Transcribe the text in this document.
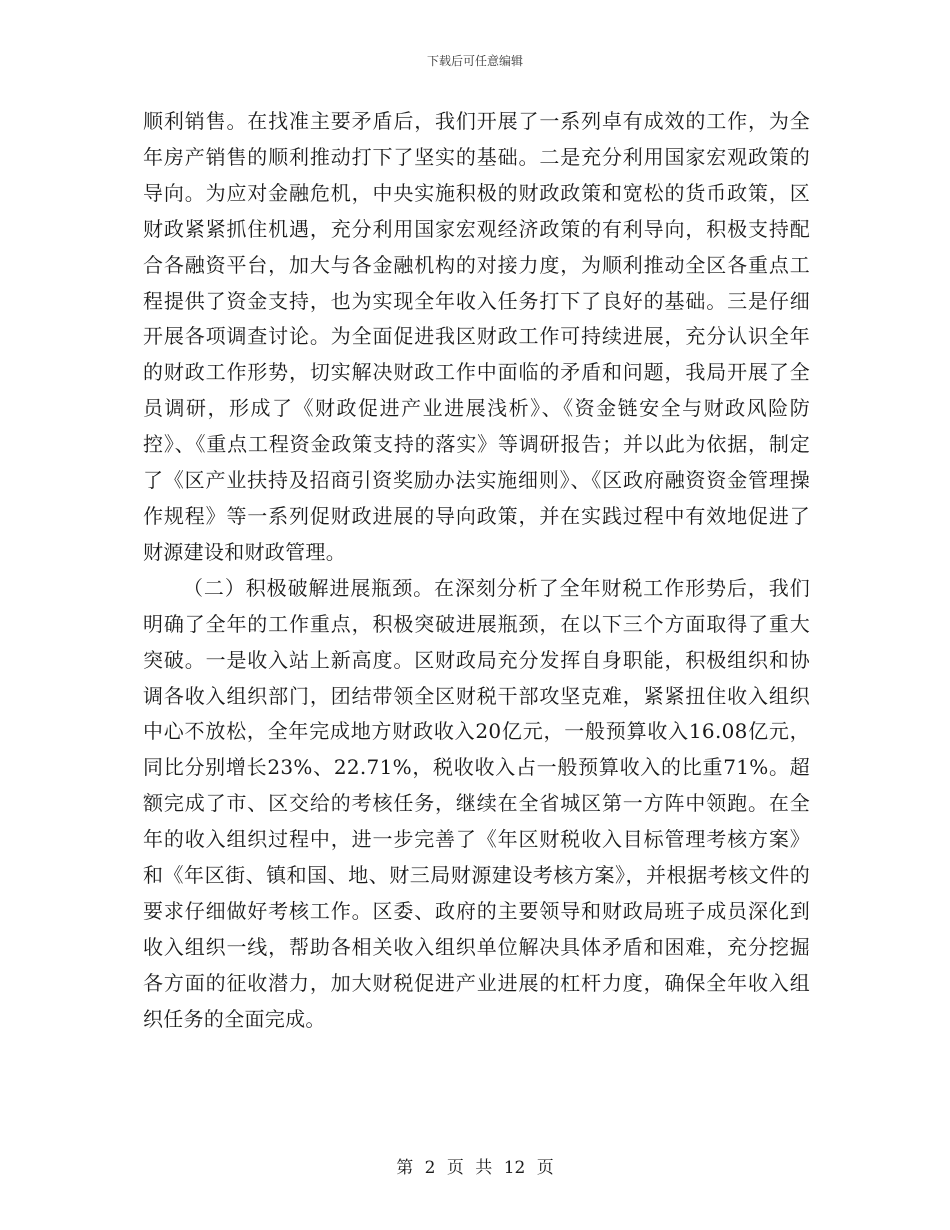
下载后可任意编辑

顺利销售。在找准主要矛盾后，我们开展了一系列卓有成效的工作，为全年房产销售的顺利推动打下了坚实的基础。二是充分利用国家宏观政策的导向。为应对金融危机，中央实施积极的财政政策和宽松的货币政策，区财政紧紧抓住机遇，充分利用国家宏观经济政策的有利导向，积极支持配合各融资平台，加大与各金融机构的对接力度，为顺利推动全区各重点工程提供了资金支持，也为实现全年收入任务打下了良好的基础。三是仔细开展各项调查讨论。为全面促进我区财政工作可持续进展，充分认识全年的财政工作形势，切实解决财政工作中面临的矛盾和问题，我局开展了全员调研，形成了《财政促进产业进展浅析》、《资金链安全与财政风险防控》、《重点工程资金政策支持的落实》等调研报告；并以此为依据，制定了《区产业扶持及招商引资奖励办法实施细则》、《区政府融资资金管理操作规程》等一系列促财政进展的导向政策，并在实践过程中有效地促进了财源建设和财政管理。

（二）积极破解进展瓶颈。在深刻分析了全年财税工作形势后，我们明确了全年的工作重点，积极突破进展瓶颈，在以下三个方面取得了重大突破。一是收入站上新高度。区财政局充分发挥自身职能，积极组织和协调各收入组织部门，团结带领全区财税干部攻坚克难，紧紧扭住收入组织中心不放松，全年完成地方财政收入20亿元，一般预算收入16.08亿元，同比分别增长23%、22.71%，税收收入占一般预算收入的比重71%。超额完成了市、区交给的考核任务，继续在全省城区第一方阵中领跑。在全年的收入组织过程中，进一步完善了《年区财税收入目标管理考核方案》和《年区街、镇和国、地、财三局财源建设考核方案》，并根据考核文件的要求仔细做好考核工作。区委、政府的主要领导和财政局班子成员深化到收入组织一线，帮助各相关收入组织单位解决具体矛盾和困难，充分挖掘各方面的征收潜力，加大财税促进产业进展的杠杆力度，确保全年收入组织任务的全面完成。

第 2 页 共 12 页
